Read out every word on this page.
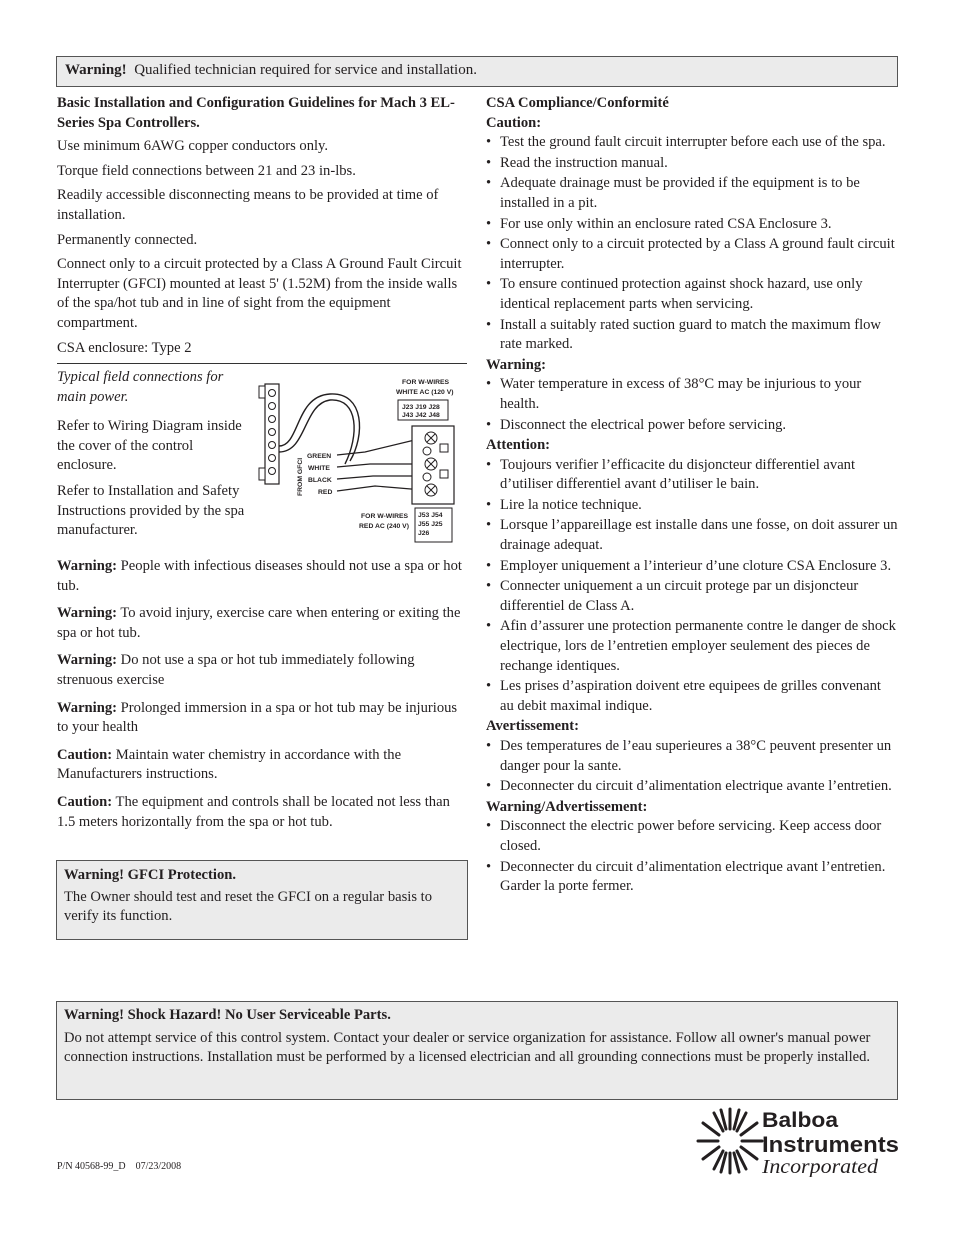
Warning! Qualified technician required for service and installation.

Basic Installation and Configuration Guidelines for Mach 3 EL-Series Spa Controllers.

Use minimum 6AWG copper conductors only.

Torque field connections between 21 and 23 in-lbs.

Readily accessible disconnecting means to be provided at time of installation.

Permanently connected.

Connect only to a circuit protected by a Class A Ground Fault Circuit Interrupter (GFCI) mounted at least 5' (1.52M) from the inside walls of the spa/hot tub and in line of sight from the equipment compartment.

CSA enclosure: Type 2

Typical field connections for main power.

Refer to Wiring Diagram inside the cover of the control enclosure.

Refer to Installation and Safety Instructions provided by the spa manufacturer.

FROM GFCI
GREEN
WHITE
BLACK
RED
FOR W-WIRES
WHITE AC (120 V)
J23 J19 J28
J43 J42 J48
FOR W-WIRES
RED AC (240 V)
J53 J54
J55 J25
J26

Warning: People with infectious diseases should not use a spa or hot tub.

Warning: To avoid injury, exercise care when entering or exiting the spa or hot tub.

Warning: Do not use a spa or hot tub immediately following strenuous exercise

Warning: Prolonged immersion in a spa or hot tub may be injurious to your health

Caution: Maintain water chemistry in accordance with the Manufacturers instructions.

Caution: The equipment and controls shall be located not less than 1.5 meters horizontally from the spa or hot tub.

Warning! GFCI Protection.
The Owner should test and reset the GFCI on a regular basis to verify its function.

CSA Compliance/Conformité

Caution:

• Test the ground fault circuit interrupter before each use of the spa.
• Read the instruction manual.
• Adequate drainage must be provided if the equipment is to be installed in a pit.
• For use only within an enclosure rated CSA Enclosure 3.
• Connect only to a circuit protected by a Class A ground fault circuit interrupter.
• To ensure continued protection against shock hazard, use only identical replacement parts when servicing.
• Install a suitably rated suction guard to match the maximum flow rate marked.

Warning:

• Water temperature in excess of 38°C may be injurious to your health.
• Disconnect the electrical power before servicing.

Attention:

• Toujours verifier l’efficacite du disjoncteur differentiel avant d’utiliser differentiel avant d’utiliser le bain.
• Lire la notice technique.
• Lorsque l’appareillage est installe dans une fosse, on doit assurer un drainage adequat.
• Employer uniquement a l’interieur d’une cloture CSA Enclosure 3.
• Connecter uniquement a un circuit protege par un disjoncteur differentiel de Class A.
• Afin d’assurer une protection permanente contre le danger de shock electrique, lors de l’entretien employer seulement des pieces de rechange identiques.
• Les prises d’aspiration doivent etre equipees de grilles convenant au debit maximal indique.

Avertissement:

• Des temperatures de l’eau superieures a 38°C peuvent presenter un danger pour la sante.
• Deconnecter du circuit d’alimentation electrique avante l’entretien.

Warning/Advertissement:

• Disconnect the electric power before servicing. Keep access door closed.
• Deconnecter du circuit d’alimentation electrique avant l’entretien. Garder la porte fermer.
Warning! Shock Hazard! No User Serviceable Parts.
Do not attempt service of this control system. Contact your dealer or service organization for assistance. Follow all owner's manual power connection instructions. Installation must be performed by a licensed electrician and all grounding connections must be properly installed.
P/N 40568-99_D    07/23/2008
Balboa
Instruments
Incorporated
